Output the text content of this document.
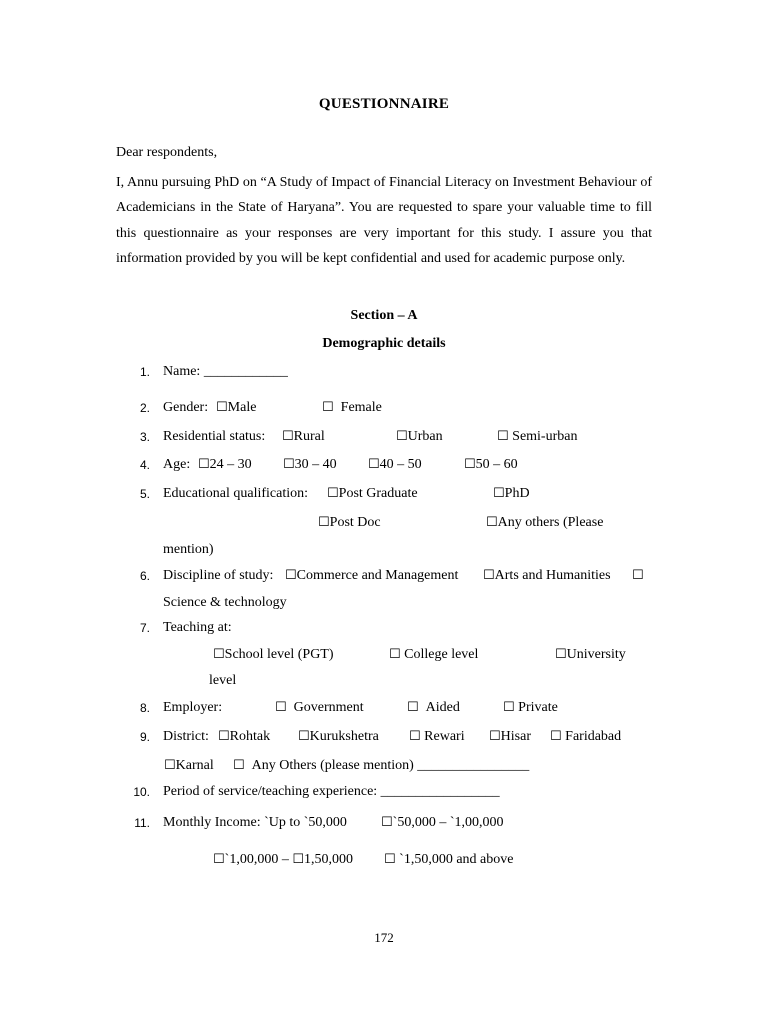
QUESTIONNAIRE
Dear respondents,

I, Annu pursuing PhD on “A Study of Impact of Financial Literacy on Investment Behaviour of Academicians in the State of Haryana”. You are requested to spare your valuable time to fill this questionnaire as your responses are very important for this study. I assure you that information provided by you will be kept confidential and used for academic purpose only.

Section – A
Demographic details
1. Name: ____________
2. Gender: ☐Male	☐ Female
3. Residential status: ☐Rural	☐Urban	☐ Semi-urban
4. Age: ☐24 – 30 ☐30 – 40 ☐40 – 50	☐50 – 60
5. Educational qualification: ☐Post Graduate	☐PhD
☐Post Doc	☐Any others (Please
mention)
6. Discipline of study: ☐Commerce and Management ☐Arts and Humanities ☐
Science & technology
7. Teaching at:
☐School level (PGT)	☐ College level	☐University
level
8. Employer:	☐ Government	☐ Aided	☐ Private
9. District: ☐Rohtak ☐Kurukshetra ☐ Rewari ☐Hisar ☐ Faridabad
☐Karnal ☐ Any Others (please mention) ________________
10. Period of service/teaching experience: _________________
11. Monthly Income: `Up to `50,000	☐`50,000 – `1,00,000
☐`1,00,000 – ☐1,50,000 ☐ `1,50,000 and above
172
